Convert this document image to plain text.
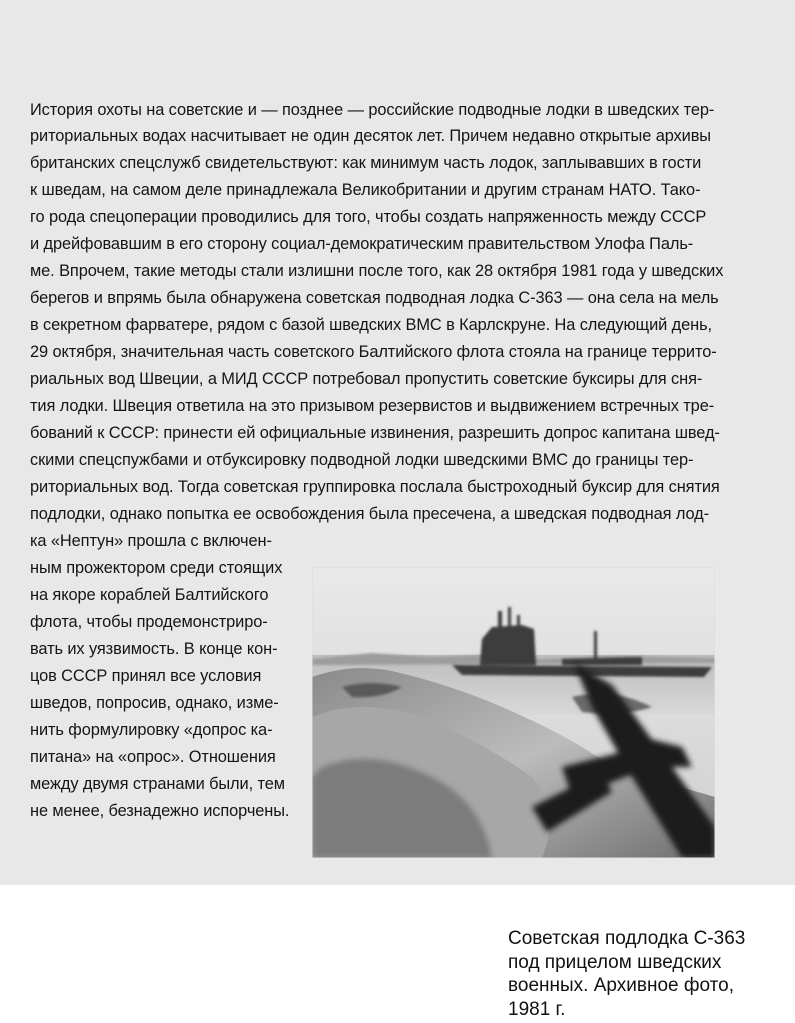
История охоты на советские и — позднее — российские подводные лодки в шведских тер-
риториальных водах насчитывает не один десяток лет. Причем недавно открытые архивы
британских спецслужб свидетельствуют: как минимум часть лодок, заплывавших в гости
к шведам, на самом деле принадлежала Великобритании и другим странам НАТО. Тако-
го рода спецоперации проводились для того, чтобы создать напряженность между СССР
и дрейфовавшим в его сторону социал-демократическим правительством Улофа Паль-
ме. Впрочем, такие методы стали излишни после того, как 28 октября 1981 года у шведских
берегов и впрямь была обнаружена советская подводная лодка С-363 — она села на мель
в секретном фарватере, рядом с базой шведских ВМС в Карлскруне. На следующий день,
29 октября, значительная часть советского Балтийского флота стояла на границе террито-
риальных вод Швеции, а МИД СССР потребовал пропустить советские буксиры для сня-
тия лодки. Швеция ответила на это призывом резервистов и выдвижением встречных тре-
бований к СССР: принести ей официальные извинения, разрешить допрос капитана швед-
скими спецспужбами и отбуксировку подводной лодки шведскими ВМС до границы тер-
риториальных вод. Тогда советская группировка послала быстроходный буксир для снятия
подлодки, однако попытка ее освобождения была пресечена, а шведская подводная лод-
ка «Нептун» прошла с включен-
ным прожектором среди стоящих
на якоре кораблей Балтийского
флота, чтобы продемонстриро-
вать их уязвимость. В конце кон-
цов СССР принял все условия
шведов, попросив, однако, изме-
нить формулировку «допрос ка-
питана» на «опрос». Отношения
между двумя странами были, тем
не менее, безнадежно испорчены.
Советская подлодка С-363
под прицелом шведских
военных. Архивное фото,
1981 г.
